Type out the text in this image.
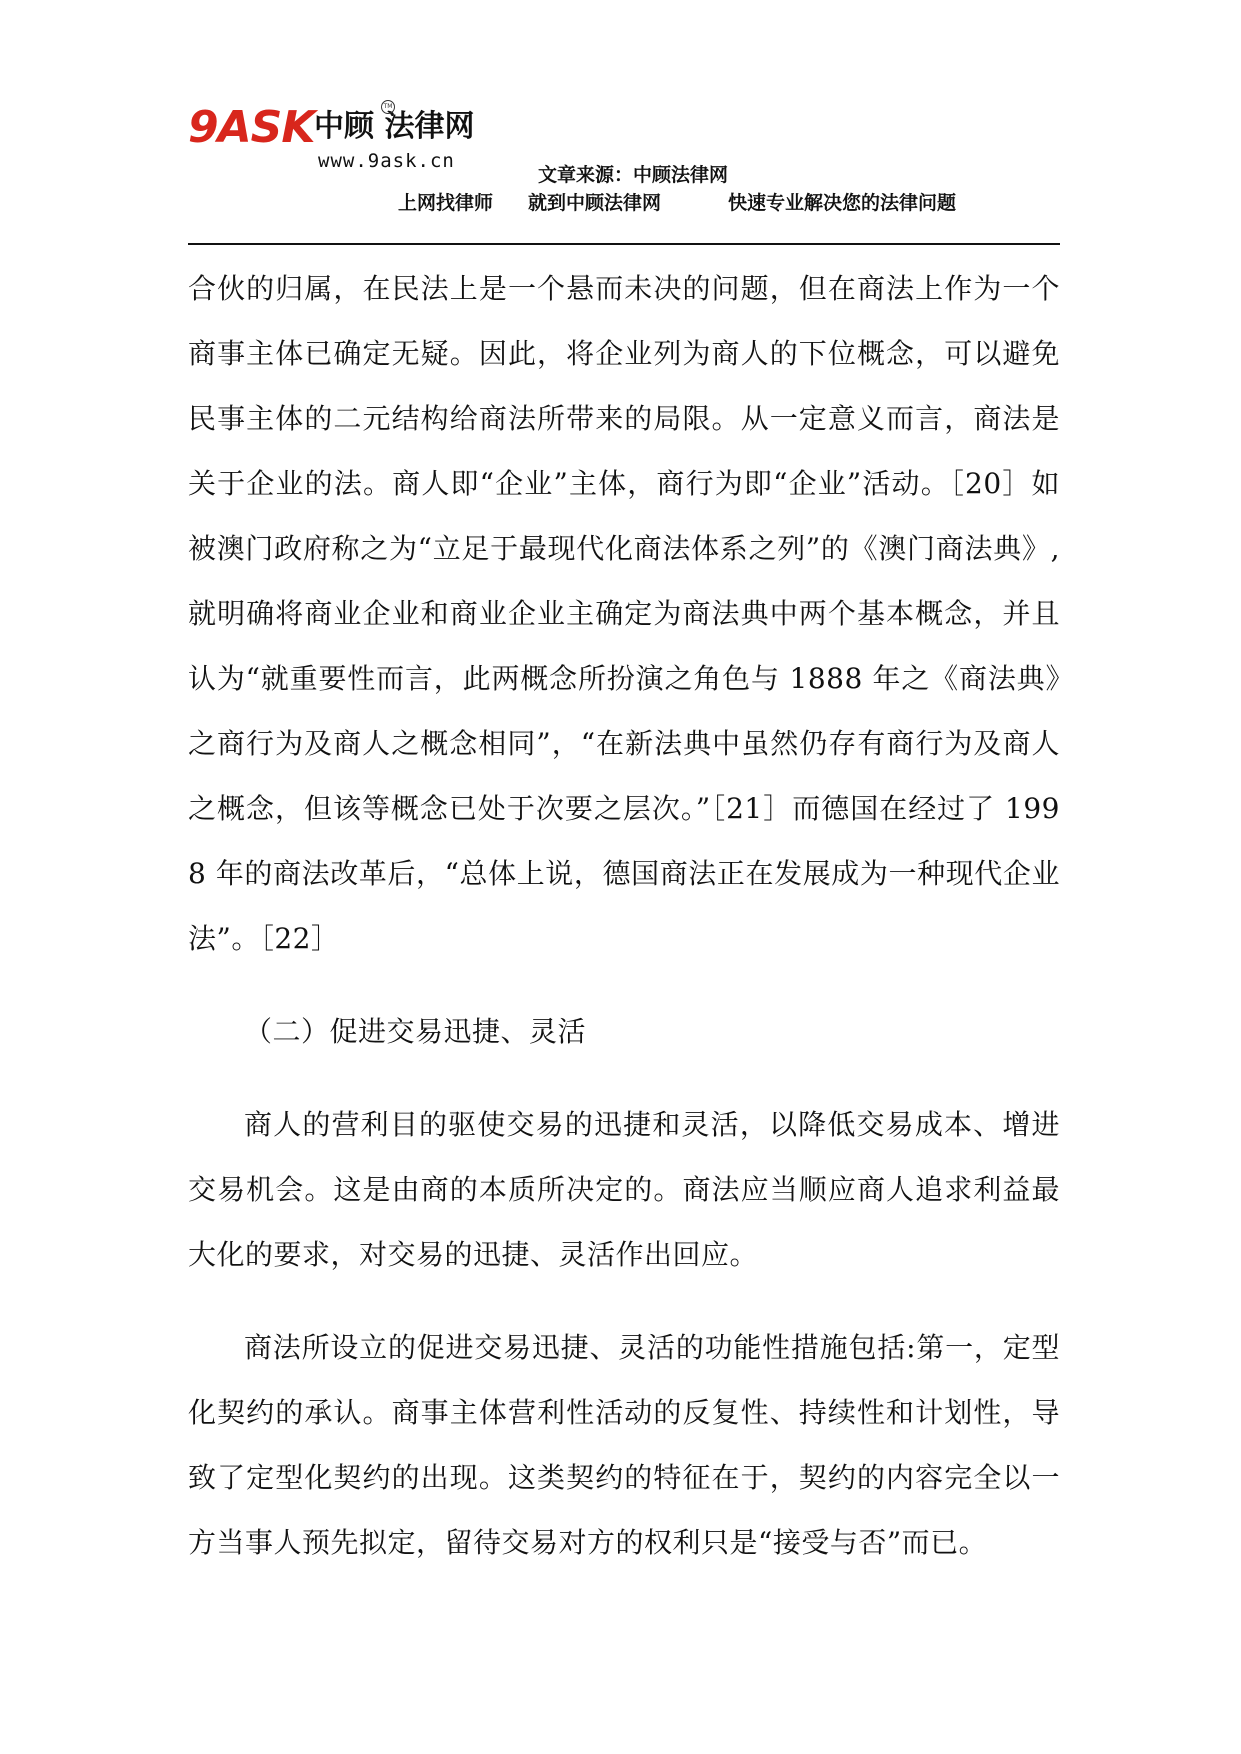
9ASK 中顾 法律网
TM
www.9ask.cn
文章来源：中顾法律网
上网找律师 就到中顾法律网	快速专业解决您的法律问题

合伙的归属，在民法上是一个悬而未决的问题，但在商法上作为一个商事主体已确定无疑。因此，将企业列为商人的下位概念，可以避免民事主体的二元结构给商法所带来的局限。从一定意义而言，商法是关于企业的法。商人即“企业”主体，商行为即“企业”活动。［20］如被澳门政府称之为“立足于最现代化商法体系之列”的《澳门商法典》,就明确将商业企业和商业企业主确定为商法典中两个基本概念，并且认为“就重要性而言，此两概念所扮演之角色与 1888 年之《商法典》之商行为及商人之概念相同”，“在新法典中虽然仍存有商行为及商人之概念，但该等概念已处于次要之层次。”［21］而德国在经过了 1998 年的商法改革后，“总体上说，德国商法正在发展成为一种现代企业法”。［22］

（二）促进交易迅捷、灵活

商人的营利目的驱使交易的迅捷和灵活，以降低交易成本、增进交易机会。这是由商的本质所决定的。商法应当顺应商人追求利益最大化的要求，对交易的迅捷、灵活作出回应。

商法所设立的促进交易迅捷、灵活的功能性措施包括:第一，定型化契约的承认。商事主体营利性活动的反复性、持续性和计划性，导致了定型化契约的出现。这类契约的特征在于，契约的内容完全以一方当事人预先拟定，留待交易对方的权利只是“接受与否”而已。
